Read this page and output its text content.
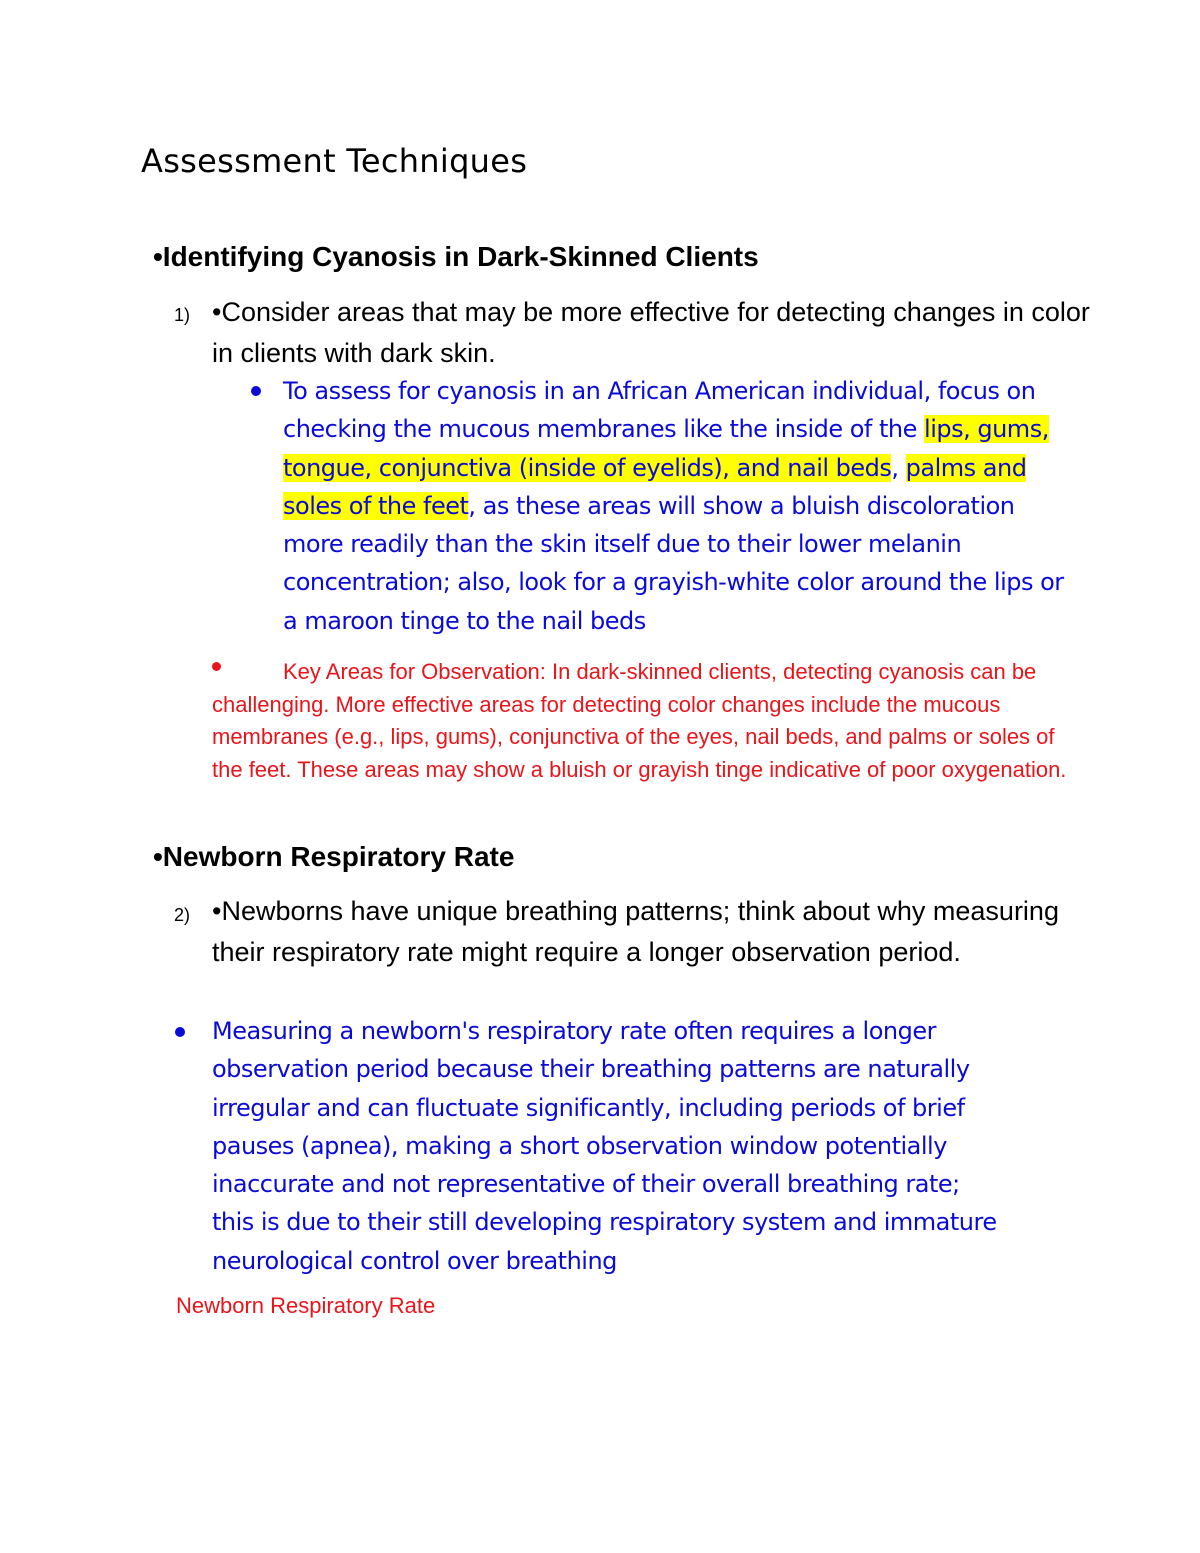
Assessment Techniques
•Identifying Cyanosis in Dark-Skinned Clients
1) •Consider areas that may be more effective for detecting changes in color in clients with dark skin.

To assess for cyanosis in an African American individual, focus on checking the mucous membranes like the inside of the lips, gums, tongue, conjunctiva (inside of eyelids), and nail beds, palms and soles of the feet, as these areas will show a bluish discoloration more readily than the skin itself due to their lower melanin concentration; also, look for a grayish-white color around the lips or a maroon tinge to the nail beds

Key Areas for Observation: In dark-skinned clients, detecting cyanosis can be challenging. More effective areas for detecting color changes include the mucous membranes (e.g., lips, gums), conjunctiva of the eyes, nail beds, and palms or soles of the feet. These areas may show a bluish or grayish tinge indicative of poor oxygenation.

•Newborn Respiratory Rate
2) •Newborns have unique breathing patterns; think about why measuring their respiratory rate might require a longer observation period.

Measuring a newborn's respiratory rate often requires a longer observation period because their breathing patterns are naturally irregular and can fluctuate significantly, including periods of brief pauses (apnea), making a short observation window potentially inaccurate and not representative of their overall breathing rate; this is due to their still developing respiratory system and immature neurological control over breathing

Newborn Respiratory Rate
